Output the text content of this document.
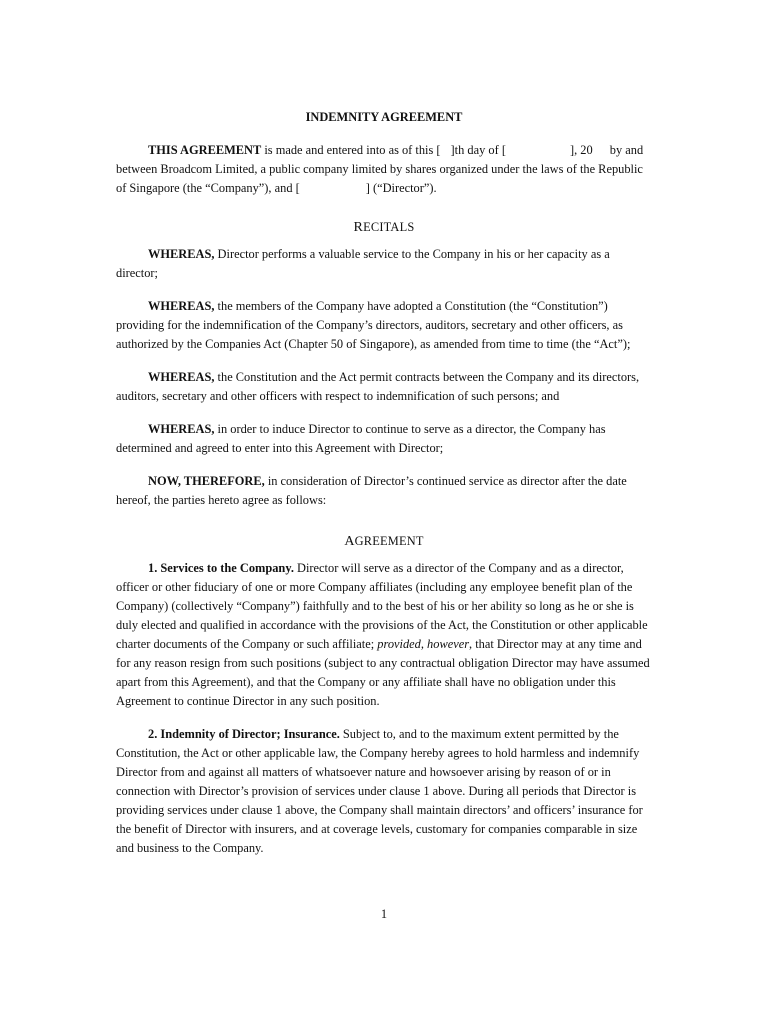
INDEMNITY AGREEMENT

THIS AGREEMENT is made and entered into as of this [ ]th day of [	], 20 by and between Broadcom Limited, a public company limited by shares organized under the laws of the Republic of Singapore (the “Company”), and [	] (“Director”).

RECITALS

WHEREAS, Director performs a valuable service to the Company in his or her capacity as a director;

WHEREAS, the members of the Company have adopted a Constitution (the “Constitution”) providing for the indemnification of the Company’s directors, auditors, secretary and other officers, as authorized by the Companies Act (Chapter 50 of Singapore), as amended from time to time (the “Act”);

WHEREAS, the Constitution and the Act permit contracts between the Company and its directors, auditors, secretary and other officers with respect to indemnification of such persons; and

WHEREAS, in order to induce Director to continue to serve as a director, the Company has determined and agreed to enter into this Agreement with Director;

NOW, THEREFORE, in consideration of Director’s continued service as director after the date hereof, the parties hereto agree as follows:

AGREEMENT

1. Services to the Company. Director will serve as a director of the Company and as a director, officer or other fiduciary of one or more Company affiliates (including any employee benefit plan of the Company) (collectively “Company”) faithfully and to the best of his or her ability so long as he or she is duly elected and qualified in accordance with the provisions of the Act, the Constitution or other applicable charter documents of the Company or such affiliate; provided, however, that Director may at any time and for any reason resign from such positions (subject to any contractual obligation Director may have assumed apart from this Agreement), and that the Company or any affiliate shall have no obligation under this Agreement to continue Director in any such position.

2. Indemnity of Director; Insurance. Subject to, and to the maximum extent permitted by the Constitution, the Act or other applicable law, the Company hereby agrees to hold harmless and indemnify Director from and against all matters of whatsoever nature and howsoever arising by reason of or in connection with Director’s provision of services under clause 1 above. During all periods that Director is providing services under clause 1 above, the Company shall maintain directors’ and officers’ insurance for the benefit of Director with insurers, and at coverage levels, customary for companies comparable in size and business to the Company.

1
